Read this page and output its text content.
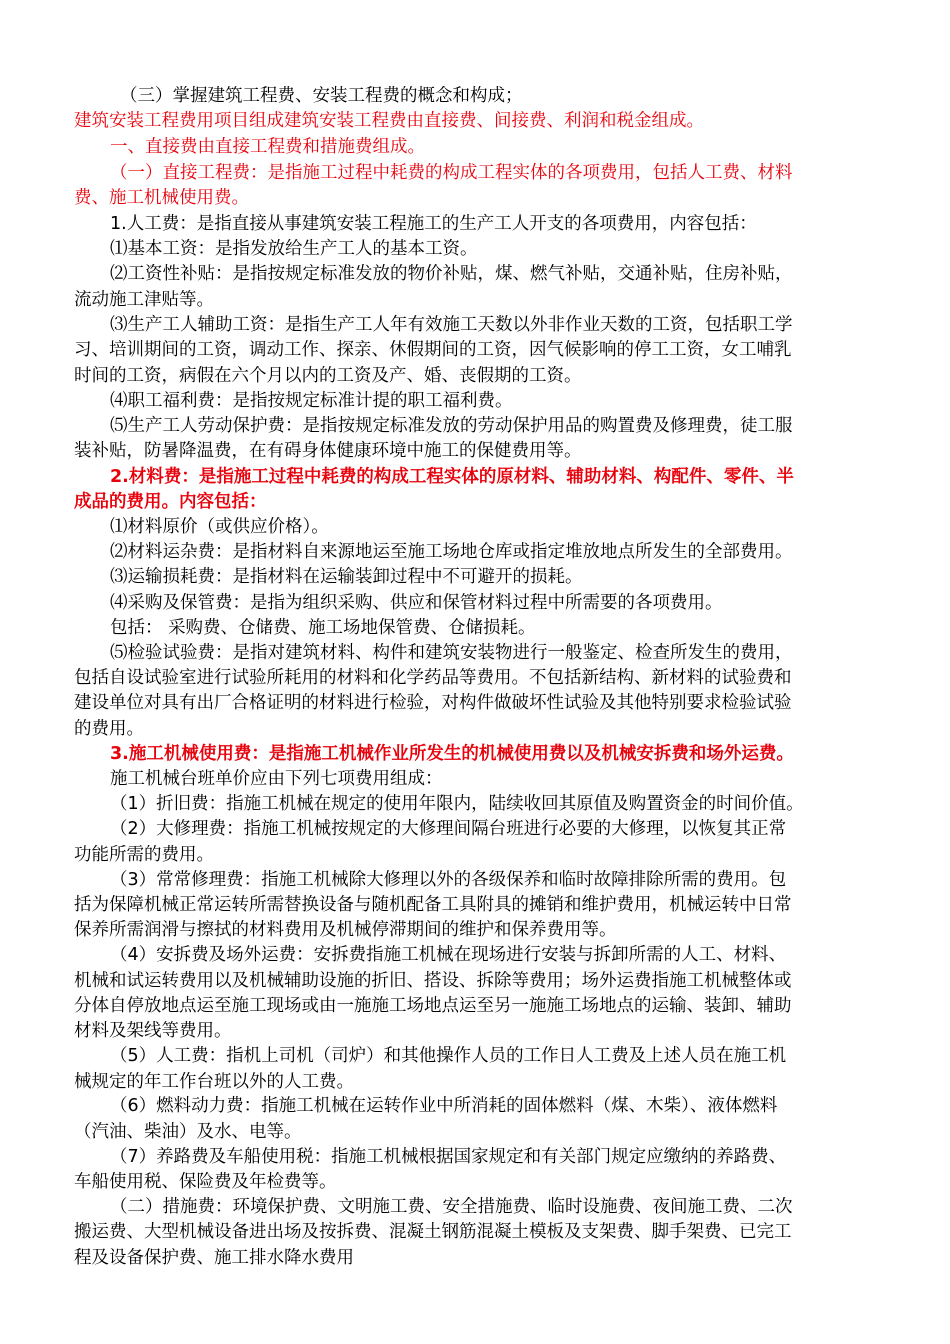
（三）掌握建筑工程费、安装工程费的概念和构成；
建筑安装工程费用项目组成建筑安装工程费由直接费、间接费、利润和税金组成。
一、直接费由直接工程费和措施费组成。
（一）直接工程费：是指施工过程中耗费的构成工程实体的各项费用，包括人工费、材料
费、施工机械使用费。
1.人工费：是指直接从事建筑安装工程施工的生产工人开支的各项费用，内容包括：
⑴基本工资：是指发放给生产工人的基本工资。
⑵工资性补贴：是指按规定标准发放的物价补贴，煤、燃气补贴，交通补贴，住房补贴，
流动施工津贴等。
⑶生产工人辅助工资：是指生产工人年有效施工天数以外非作业天数的工资，包括职工学
习、培训期间的工资，调动工作、探亲、休假期间的工资，因气候影响的停工工资，女工哺乳
时间的工资，病假在六个月以内的工资及产、婚、丧假期的工资。
⑷职工福利费：是指按规定标准计提的职工福利费。
⑸生产工人劳动保护费：是指按规定标准发放的劳动保护用品的购置费及修理费，徒工服
装补贴，防暑降温费，在有碍身体健康环境中施工的保健费用等。
2.材料费：是指施工过程中耗费的构成工程实体的原材料、辅助材料、构配件、零件、半
成品的费用。内容包括：
⑴材料原价（或供应价格）。
⑵材料运杂费：是指材料自来源地运至施工场地仓库或指定堆放地点所发生的全部费用。
⑶运输损耗费：是指材料在运输装卸过程中不可避开的损耗。
⑷采购及保管费：是指为组织采购、供应和保管材料过程中所需要的各项费用。
包括： 采购费、仓储费、施工场地保管费、仓储损耗。
⑸检验试验费：是指对建筑材料、构件和建筑安装物进行一般鉴定、检查所发生的费用，
包括自设试验室进行试验所耗用的材料和化学药品等费用。不包括新结构、新材料的试验费和
建设单位对具有出厂合格证明的材料进行检验，对构件做破坏性试验及其他特别要求检验试验
的费用。
3.施工机械使用费：是指施工机械作业所发生的机械使用费以及机械安拆费和场外运费。
施工机械台班单价应由下列七项费用组成：
（1）折旧费：指施工机械在规定的使用年限内，陆续收回其原值及购置资金的时间价值。
（2）大修理费：指施工机械按规定的大修理间隔台班进行必要的大修理，以恢复其正常
功能所需的费用。
（3）常常修理费：指施工机械除大修理以外的各级保养和临时故障排除所需的费用。包
括为保障机械正常运转所需替换设备与随机配备工具附具的摊销和维护费用，机械运转中日常
保养所需润滑与擦拭的材料费用及机械停滞期间的维护和保养费用等。
（4）安拆费及场外运费：安拆费指施工机械在现场进行安装与拆卸所需的人工、材料、
机械和试运转费用以及机械辅助设施的折旧、搭设、拆除等费用；场外运费指施工机械整体或
分体自停放地点运至施工现场或由一施施工场地点运至另一施施工场地点的运输、装卸、辅助
材料及架线等费用。
（5）人工费：指机上司机（司炉）和其他操作人员的工作日人工费及上述人员在施工机
械规定的年工作台班以外的人工费。
（6）燃料动力费：指施工机械在运转作业中所消耗的固体燃料（煤、木柴）、液体燃料
（汽油、柴油）及水、电等。
（7）养路费及车船使用税：指施工机械根据国家规定和有关部门规定应缴纳的养路费、
车船使用税、保险费及年检费等。
（二）措施费：环境保护费、文明施工费、安全措施费、临时设施费、夜间施工费、二次
搬运费、大型机械设备进出场及按拆费、混凝土钢筋混凝土模板及支架费、脚手架费、已完工
程及设备保护费、施工排水降水费用
